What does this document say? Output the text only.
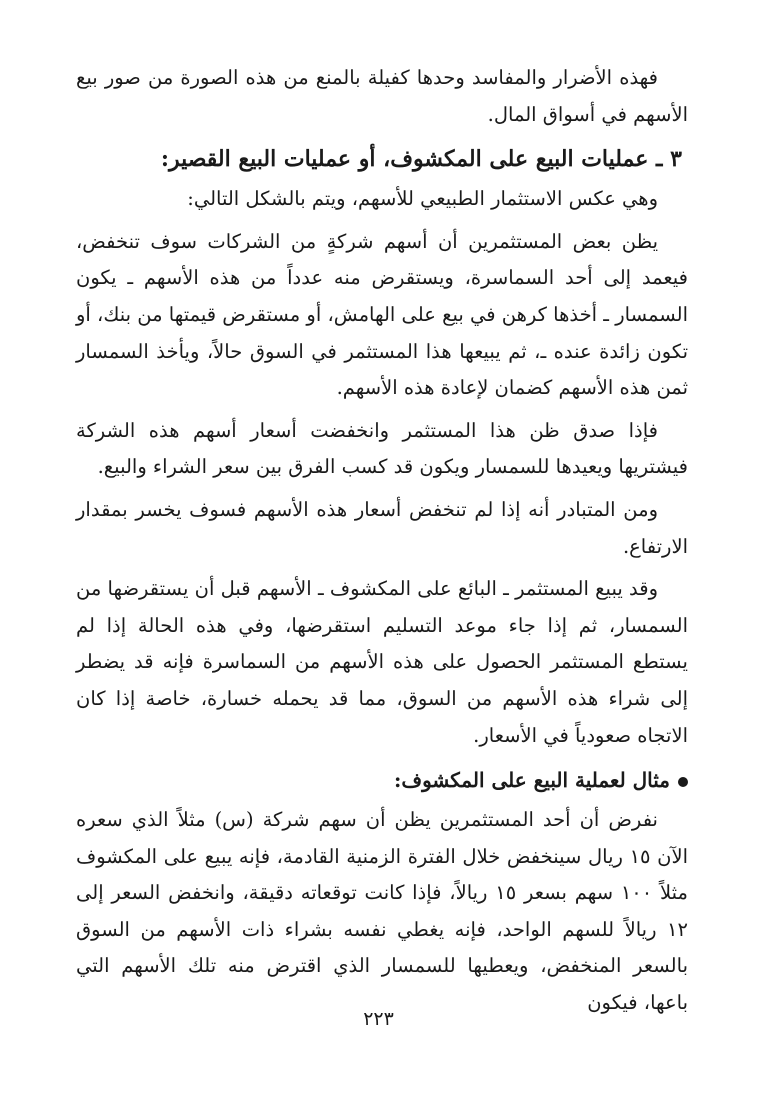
فهذه الأضرار والمفاسد وحدها كفيلة بالمنع من هذه الصورة من صور بيع الأسهم في أسواق المال.

٣ ـ عمليات البيع على المكشوف، أو عمليات البيع القصير:

وهي عكس الاستثمار الطبيعي للأسهم، ويتم بالشكل التالي:

يظن بعض المستثمرين أن أسهم شركةٍ من الشركات سوف تنخفض، فيعمد إلى أحد السماسرة، ويستقرض منه عدداً من هذه الأسهم ـ يكون السمسار ـ أخذها كرهن في بيع على الهامش، أو مستقرض قيمتها من بنك، أو تكون زائدة عنده ـ، ثم يبيعها هذا المستثمر في السوق حالاً، ويأخذ السمسار ثمن هذه الأسهم كضمان لإعادة هذه الأسهم.

فإذا صدق ظن هذا المستثمر وانخفضت أسعار أسهم هذه الشركة فيشتريها ويعيدها للسمسار ويكون قد كسب الفرق بين سعر الشراء والبيع.

ومن المتبادر أنه إذا لم تنخفض أسعار هذه الأسهم فسوف يخسر بمقدار الارتفاع.

وقد يبيع المستثمر ـ البائع على المكشوف ـ الأسهم قبل أن يستقرضها من السمسار، ثم إذا جاء موعد التسليم استقرضها، وفي هذه الحالة إذا لم يستطع المستثمر الحصول على هذه الأسهم من السماسرة فإنه قد يضطر إلى شراء هذه الأسهم من السوق، مما قد يحمله خسارة، خاصة إذا كان الاتجاه صعودياً في الأسعار.

مثال لعملية البيع على المكشوف:

نفرض أن أحد المستثمرين يظن أن سهم شركة (س) مثلاً الذي سعره الآن ١٥ ريال سينخفض خلال الفترة الزمنية القادمة، فإنه يبيع على المكشوف مثلاً ١٠٠ سهم بسعر ١٥ ريالاً، فإذا كانت توقعاته دقيقة، وانخفض السعر إلى ١٢ ريالاً للسهم الواحد، فإنه يغطي نفسه بشراء ذات الأسهم من السوق بالسعر المنخفض، ويعطيها للسمسار الذي اقترض منه تلك الأسهم التي باعها، فيكون

٢٢٣
